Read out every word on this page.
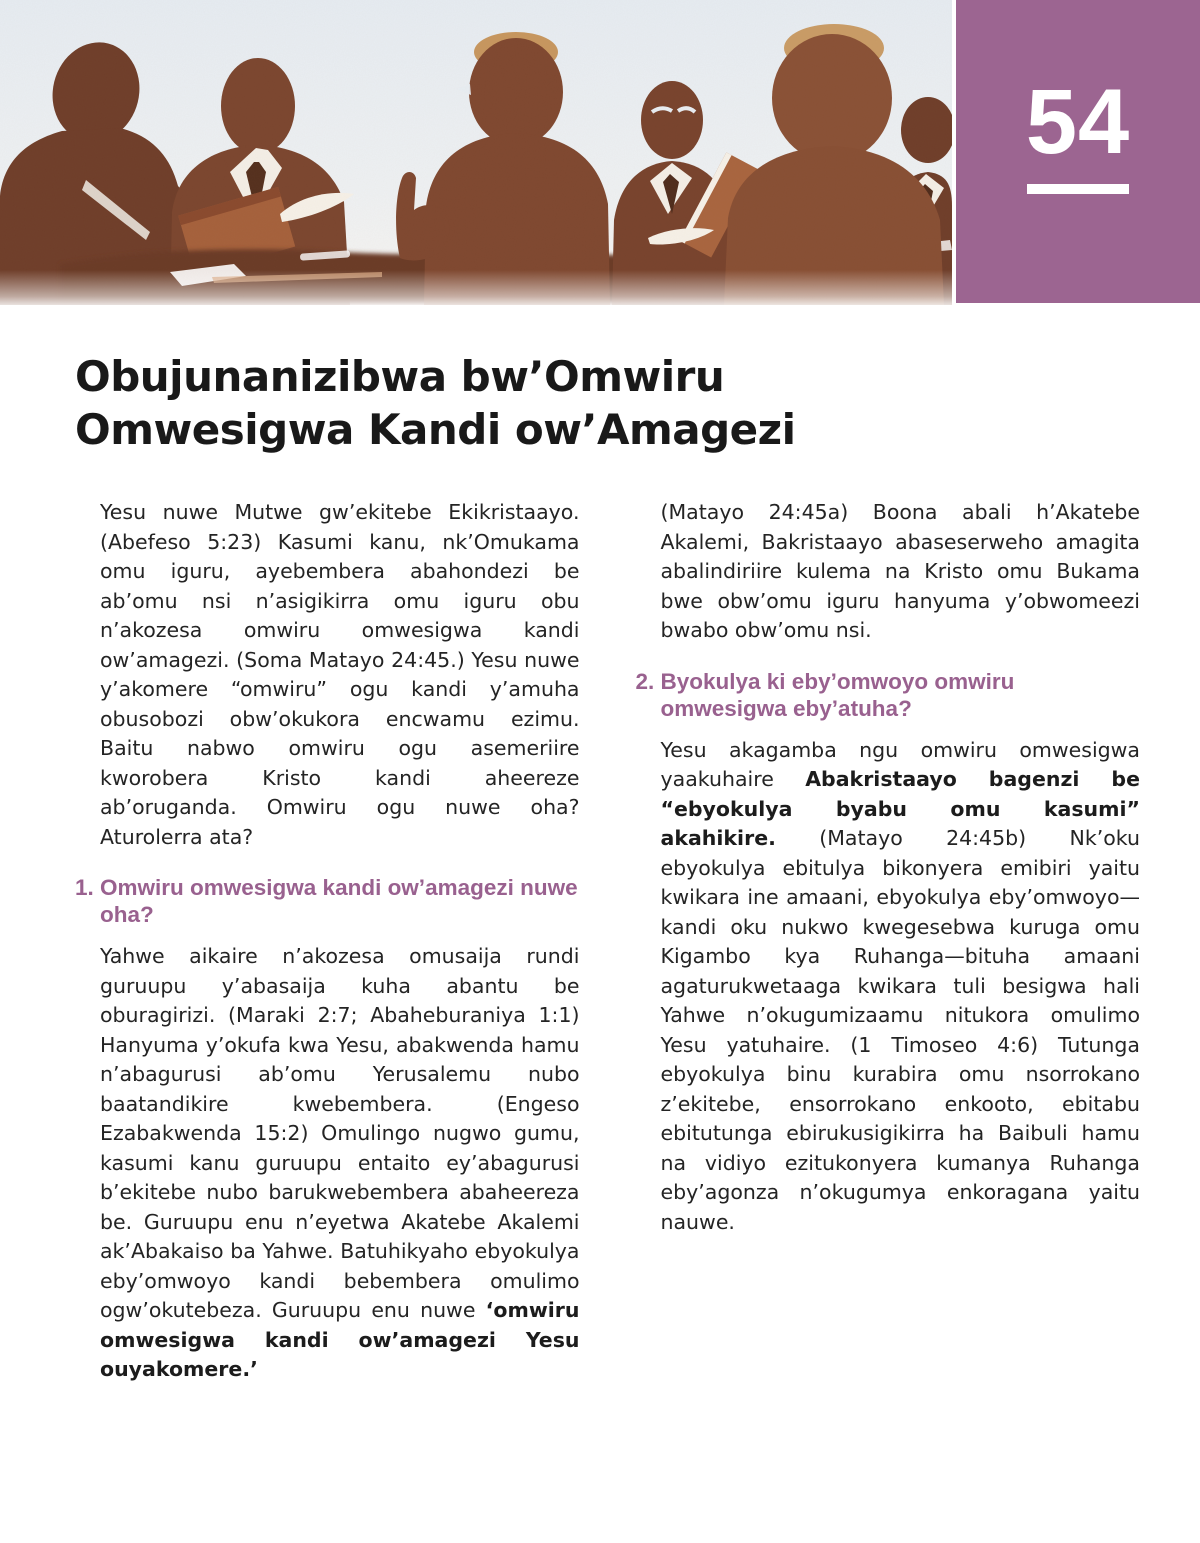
54
Obujunanizibwa bw’Omwiru
Omwesigwa Kandi ow’Amagezi

Yesu nuwe Mutwe gw’ekitebe Ekikristaayo. (Abefeso 5:23) Kasumi kanu, nk’Omukama omu iguru, ayebembera abahondezi be ab’omu nsi n’asigikirra omu iguru obu n’akozesa omwiru omwesigwa kandi ow’amagezi. (Soma Matayo 24:45.) Yesu nuwe y’akomere “omwiru” ogu kandi y’amuha obusobozi obw’okukora encwamu ezimu. Baitu nabwo omwiru ogu asemeriire kworobera Kristo kandi aheereze ab’oruganda. Omwiru ogu nuwe oha? Aturolerra ata?

1. Omwiru omwesigwa kandi ow’amagezi nuwe oha?

Yahwe aikaire n’akozesa omusaija rundi guruupu y’abasaija kuha abantu be oburagirizi. (Maraki 2:7; Abaheburaniya 1:1) Hanyuma y’okufa kwa Yesu, abakwenda hamu n’abagurusi ab’omu Yerusalemu nubo baatandikire kwebembera. (Engeso Ezabakwenda 15:2) Omulingo nugwo gumu, kasumi kanu guruupu entaito ey’abagurusi b’ekitebe nubo barukwebembera abaheereza be. Guruupu enu n’eyetwa Akatebe Akalemi ak’Abakaiso ba Yahwe. Batuhikyaho ebyokulya eby’omwoyo kandi bebembera omulimo ogw’okutebeza. Guruupu enu nuwe ‘omwiru omwesigwa kandi ow’amagezi Yesu ouyakomere.’

(Matayo 24:45a) Boona abali h’Akatebe Akalemi, Bakristaayo abaseserweho amagita abalindiriire kulema na Kristo omu Bukama bwe obw’omu iguru hanyuma y’obwomeezi bwabo obw’omu nsi.

2. Byokulya ki eby’omwoyo omwiru omwesigwa eby’atuha?

Yesu akagamba ngu omwiru omwesigwa yaakuhaire Abakristaayo bagenzi be “ebyokulya byabu omu kasumi” akahikire. (Matayo 24:45b) Nk’oku ebyokulya ebitulya bikonyera emibiri yaitu kwikara ine amaani, ebyokulya eby’omwoyo—kandi oku nukwo kwegesebwa kuruga omu Kigambo kya Ruhanga—bituha amaani agaturukwetaaga kwikara tuli besigwa hali Yahwe n’okugumizaamu nitukora omulimo Yesu yatuhaire. (1 Timoseo 4:6) Tutunga ebyokulya binu kurabira omu nsorrokano z’ekitebe, ensorrokano enkooto, ebitabu ebitutunga ebirukusigikirra ha Baibuli hamu na vidiyo ezitukonyera kumanya Ruhanga eby’agonza n’okugumya enkoragana yaitu nauwe.
